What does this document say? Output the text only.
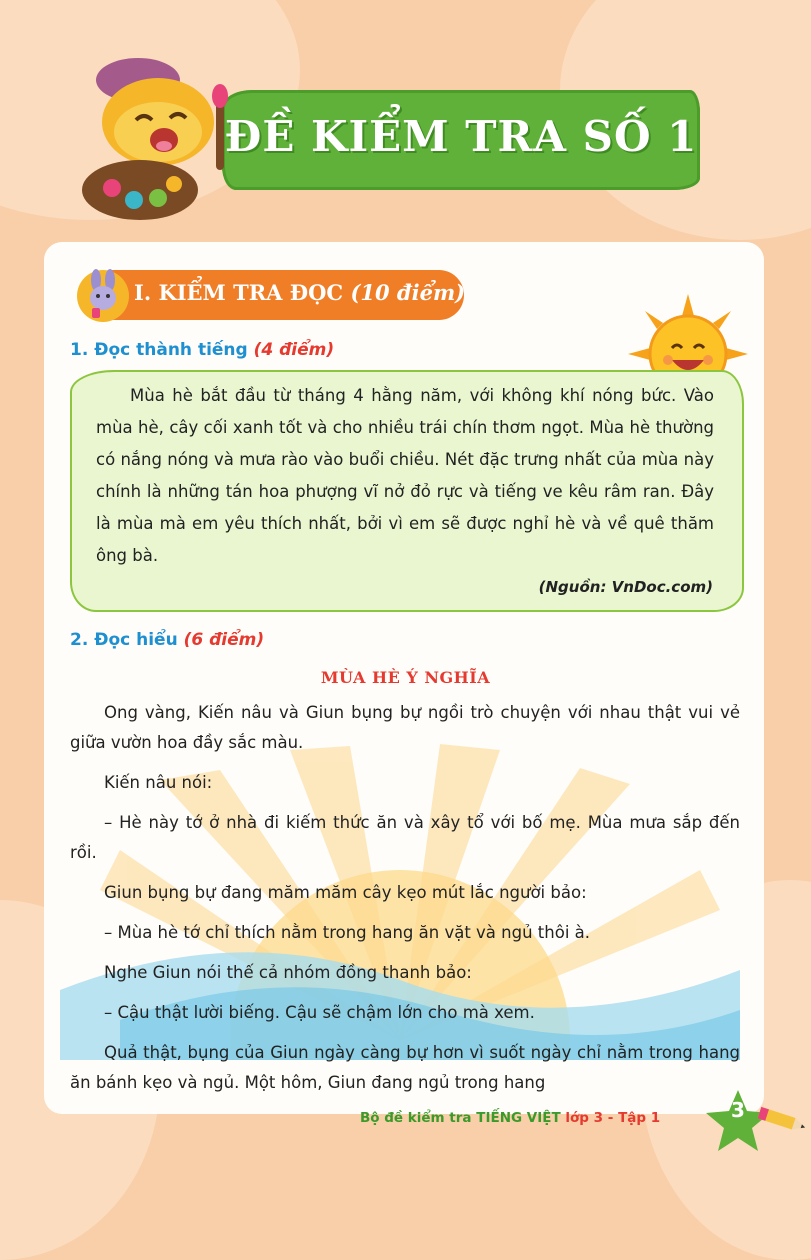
ĐỀ KIỂM TRA SỐ 1
I. KIỂM TRA ĐỌC (10 điểm)
1. Đọc thành tiếng (4 điểm)

Mùa hè bắt đầu từ tháng 4 hằng năm, với không khí nóng bức. Vào mùa hè, cây cối xanh tốt và cho nhiều trái chín thơm ngọt. Mùa hè thường có nắng nóng và mưa rào vào buổi chiều. Nét đặc trưng nhất của mùa này chính là những tán hoa phượng vĩ nở đỏ rực và tiếng ve kêu râm ran. Đây là mùa mà em yêu thích nhất, bởi vì em sẽ được nghỉ hè và về quê thăm ông bà.

(Nguồn: VnDoc.com)
2. Đọc hiểu (6 điểm)
MÙA HÈ Ý NGHĨA

Ong vàng, Kiến nâu và Giun bụng bự ngồi trò chuyện với nhau thật vui vẻ giữa vườn hoa đầy sắc màu.

Kiến nâu nói:

– Hè này tớ ở nhà đi kiếm thức ăn và xây tổ với bố mẹ. Mùa mưa sắp đến rồi.

Giun bụng bự đang măm măm cây kẹo mút lắc người bảo:

– Mùa hè tớ chỉ thích nằm trong hang ăn vặt và ngủ thôi à.

Nghe Giun nói thế cả nhóm đồng thanh bảo:

– Cậu thật lười biếng. Cậu sẽ chậm lớn cho mà xem.

Quả thật, bụng của Giun ngày càng bự hơn vì suốt ngày chỉ nằm trong hang ăn bánh kẹo và ngủ. Một hôm, Giun đang ngủ trong hang

Bộ đề kiểm tra TIẾNG VIỆT lớp 3 - Tập 1	3
